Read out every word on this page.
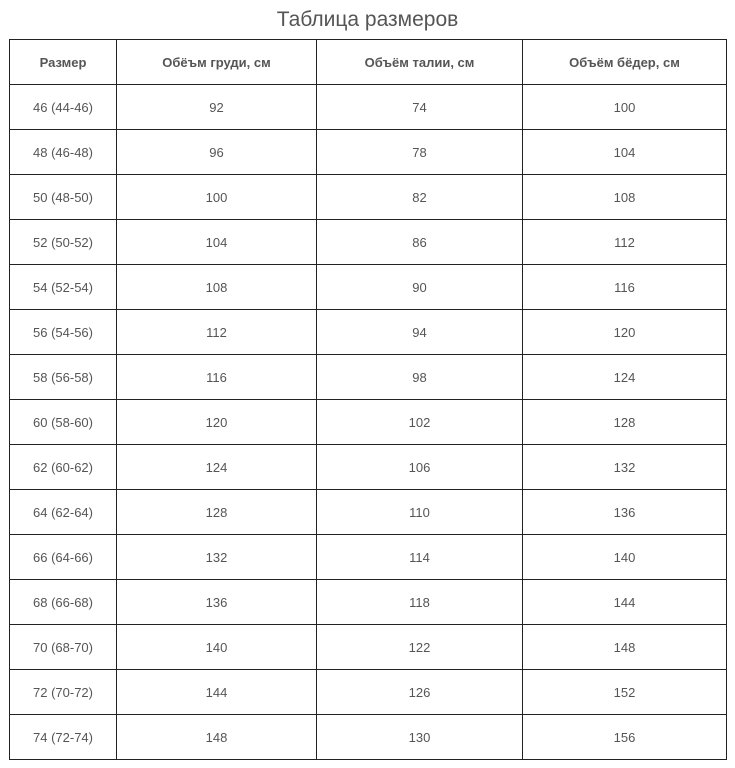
Таблица размеров
Размер	Обёъм груди, см	Объём талии, см	Объём бёдер, см
46 (44-46)	92	74	100
48 (46-48)	96	78	104
50 (48-50)	100	82	108
52 (50-52)	104	86	112
54 (52-54)	108	90	116
56 (54-56)	112	94	120
58 (56-58)	116	98	124
60 (58-60)	120	102	128
62 (60-62)	124	106	132
64 (62-64)	128	110	136
66 (64-66)	132	114	140
68 (66-68)	136	118	144
70 (68-70)	140	122	148
72 (70-72)	144	126	152
74 (72-74)	148	130	156
